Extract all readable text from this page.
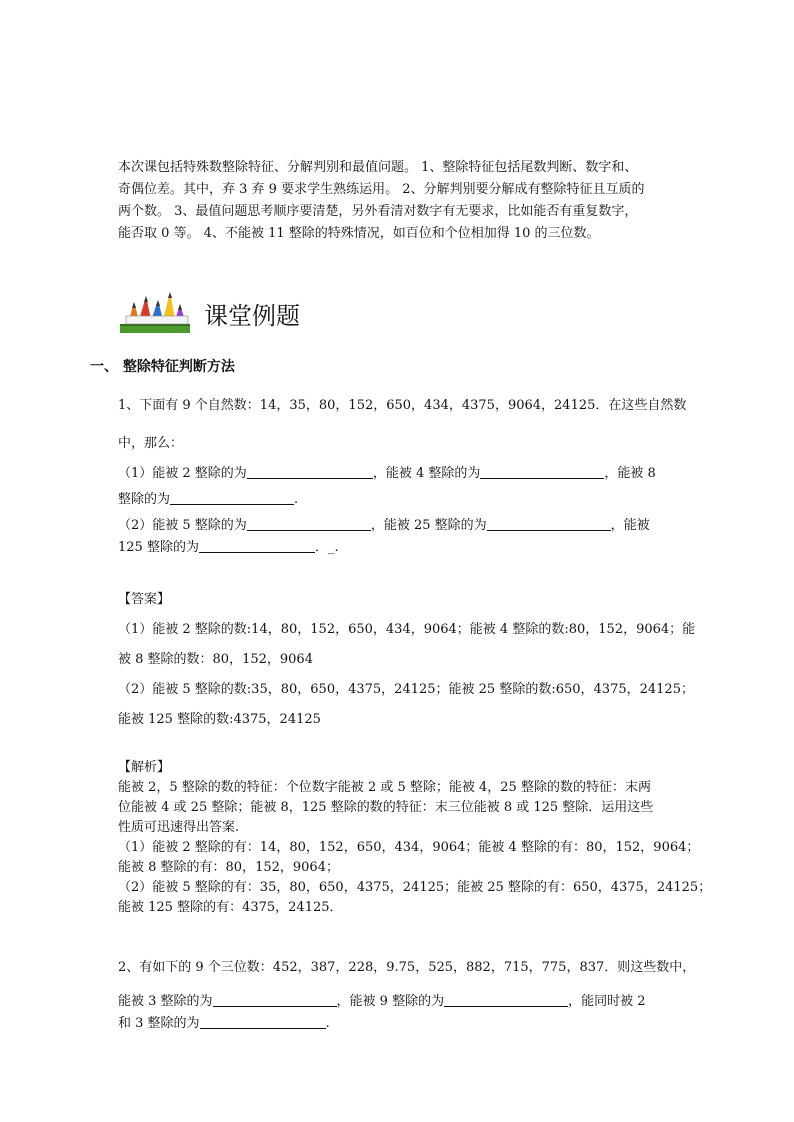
本次课包括特殊数整除特征、分解判别和最值问题。 1、整除特征包括尾数判断、数字和、
奇偶位差。其中，弃 3 弃 9 要求学生熟练运用。 2、分解判别要分解成有整除特征且互质的
两个数。 3、最值问题思考顺序要清楚，另外看清对数字有无要求，比如能否有重复数字，
能否取 0 等。 4、不能被 11 整除的特殊情况，如百位和个位相加得 10 的三位数。
课堂例题
一、 整除特征判断方法
1、下面有 9 个自然数：14，35，80，152，650，434，4375，9064，24125．在这些自然数
中，那么：
（1）能被 2 整除的为	，能被 4 整除的为	，能被 8
整除的为	.
（2）能被 5 整除的为	，能被 25 整除的为	，能被
125 整除的为	．_.
【答案】
（1）能被 2 整除的数:14，80，152，650，434，9064；能被 4 整除的数:80，152，9064；能
被 8 整除的数：80，152，9064
（2）能被 5 整除的数:35，80，650，4375，24125；能被 25 整除的数:650，4375，24125；
能被 125 整除的数:4375，24125
【解析】
能被 2，5 整除的数的特征：个位数字能被 2 或 5 整除；能被 4，25 整除的数的特征：末两
位能被 4 或 25 整除；能被 8，125 整除的数的特征：末三位能被 8 或 125 整除．运用这些
性质可迅速得出答案.
（1）能被 2 整除的有：14，80，152，650，434，9064；能被 4 整除的有：80，152，9064；
能被 8 整除的有：80，152，9064；
（2）能被 5 整除的有：35，80，650，4375，24125；能被 25 整除的有：650，4375，24125；
能被 125 整除的有：4375，24125．
2、有如下的 9 个三位数：452，387，228，9.75，525，882，715，775，837．则这些数中，
能被 3 整除的为	，能被 9 整除的为	，能同时被 2
和 3 整除的为	.
